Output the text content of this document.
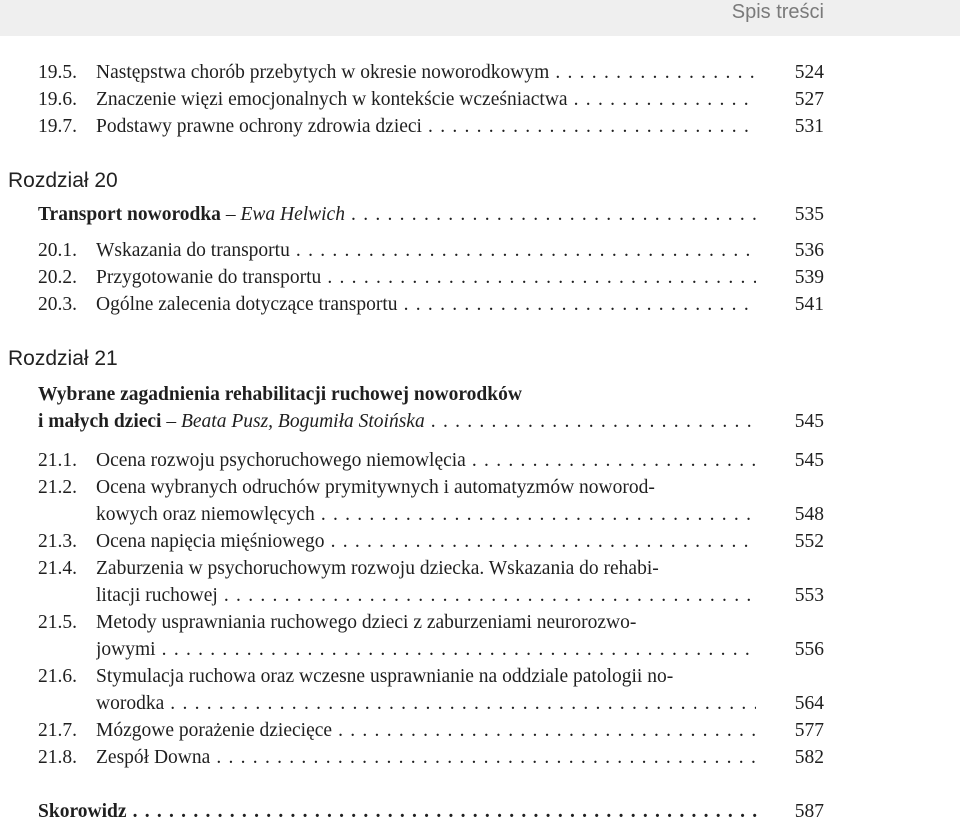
Spis treści
19.5. Następstwa chorób przebytych w okresie noworodkowym . . .	524
19.6. Znaczenie więzi emocjonalnych w kontekście wcześniactwa . . .	527
19.7. Podstawy prawne ochrony zdrowia dzieci . . .	531
Rozdział 20
Transport noworodka – Ewa Helwich . . .	535
20.1. Wskazania do transportu . . .	536
20.2. Przygotowanie do transportu . . .	539
20.3. Ogólne zalecenia dotyczące transportu . . .	541
Rozdział 21
Wybrane zagadnienia rehabilitacji ruchowej noworodków
i małych dzieci – Beata Pusz, Bogumiła Stoińska . . .	545
21.1. Ocena rozwoju psychoruchowego niemowlęcia . . .	545
21.2. Ocena wybranych odruchów prymitywnych i automatyzmów noworod-
kowych oraz niemowlęcych . . .	548
21.3. Ocena napięcia mięśniowego . . .	552
21.4. Zaburzenia w psychoruchowym rozwoju dziecka. Wskazania do rehabi-
litacji ruchowej . . .	553
21.5. Metody usprawniania ruchowego dzieci z zaburzeniami neurorozwo-
jowymi . . .	556
21.6. Stymulacja ruchowa oraz wczesne usprawnianie na oddziale patologii no-
worodka . . .	564
21.7. Mózgowe porażenie dziecięce . . .	577
21.8. Zespół Downa . . .	582
Skorowidz . . .	587
